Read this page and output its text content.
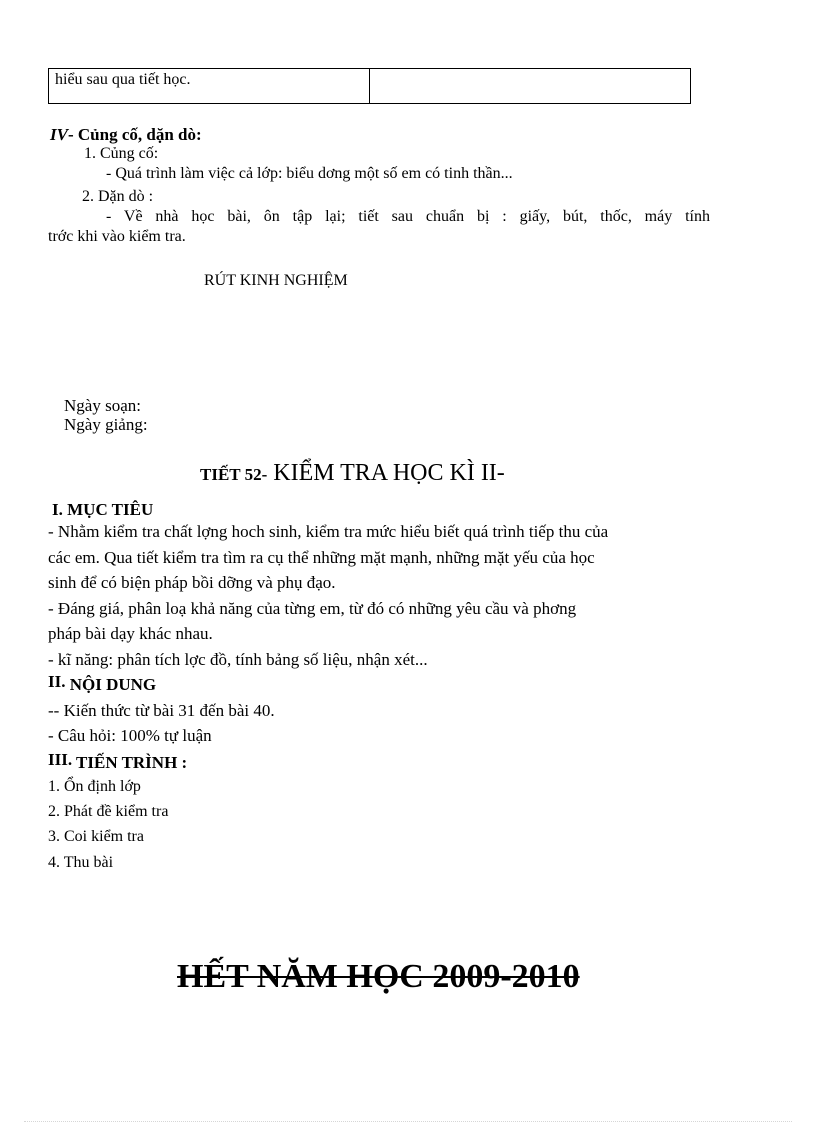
hiểu sau qua tiết học.	
IV- Củng cố, dặn dò:
1. Củng cố:
- Quá trình làm việc cả lớp: biểu dơng một số em có tinh thần...
2. Dặn dò :
- Về nhà học bài, ôn tập lại; tiết sau chuẩn bị : giấy, bút, thốc, máy tính
trớc khi vào kiểm tra.
RÚT KINH NGHIỆM
Ngày soạn:
Ngày giảng:
TIẾT 52- KIỂM TRA HỌC KÌ II-
I. MỤC TIÊU
- Nhằm kiểm tra chất lợng hoch sinh, kiểm tra mức hiểu biết quá trình tiếp thu của
các em. Qua tiết kiểm tra tìm ra cụ thể những mặt mạnh, những mặt yếu của học
sinh để có biện pháp bồi dỡng và phụ đạo.
- Đáng giá, phân loạ khả năng của từng em, từ đó có những yêu cầu và phơng
pháp bài dạy khác nhau.
- kĩ năng: phân tích lợc đồ, tính bảng số liệu, nhận xét...
II. NỘI DUNG
-- Kiến thức từ bài 31 đến bài 40.
- Câu hỏi: 100% tự luận
III. TIẾN TRÌNH :
1. Ổn định lớp
2. Phát đề kiểm tra
3. Coi kiểm tra
4. Thu bài
HẾT NĂM HỌC 2009-2010
